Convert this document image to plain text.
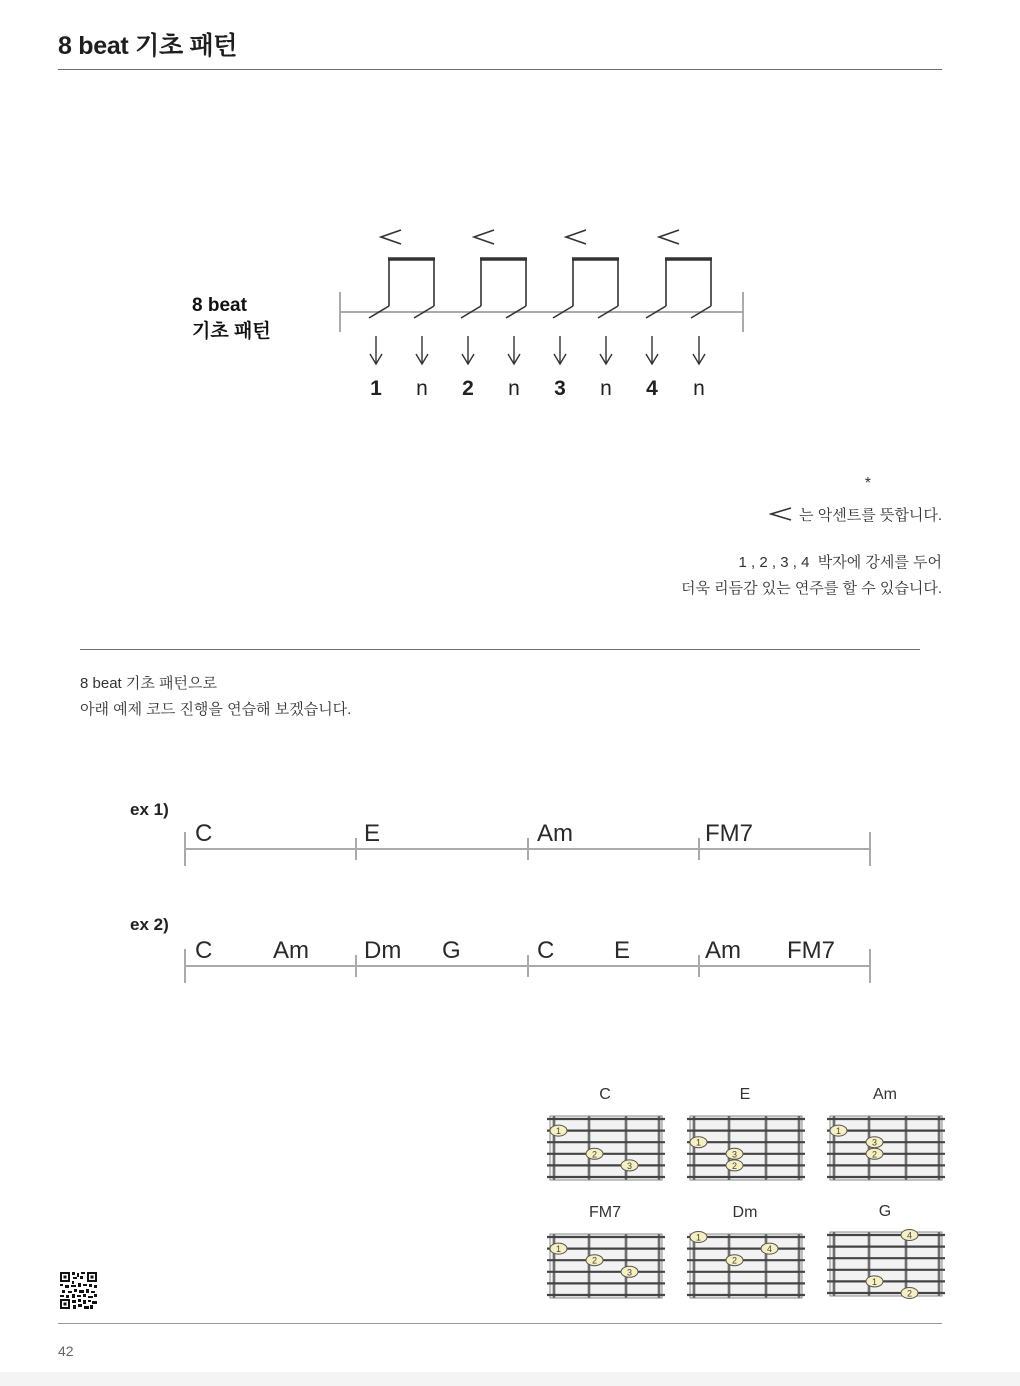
8 beat 기초 패턴
8 beat
기초 패턴
1 n 2 n 3 n 4 n
*
는 악센트를 뜻합니다.
1 , 2 , 3 , 4  박자에 강세를 두어
더욱 리듬감 있는 연주를 할 수 있습니다.
8 beat 기초 패턴으로
아래 예제 코드 진행을 연습해 보겠습니다.
ex 1)
C	E	Am	FM7
ex 2)
C	Am Dm G	C E	Am FM7
C	E	Am
FM7	Dm	G
1
2
3
1
3
2
1
3
2
1
2
3
1
4
2
4
1
2
42
